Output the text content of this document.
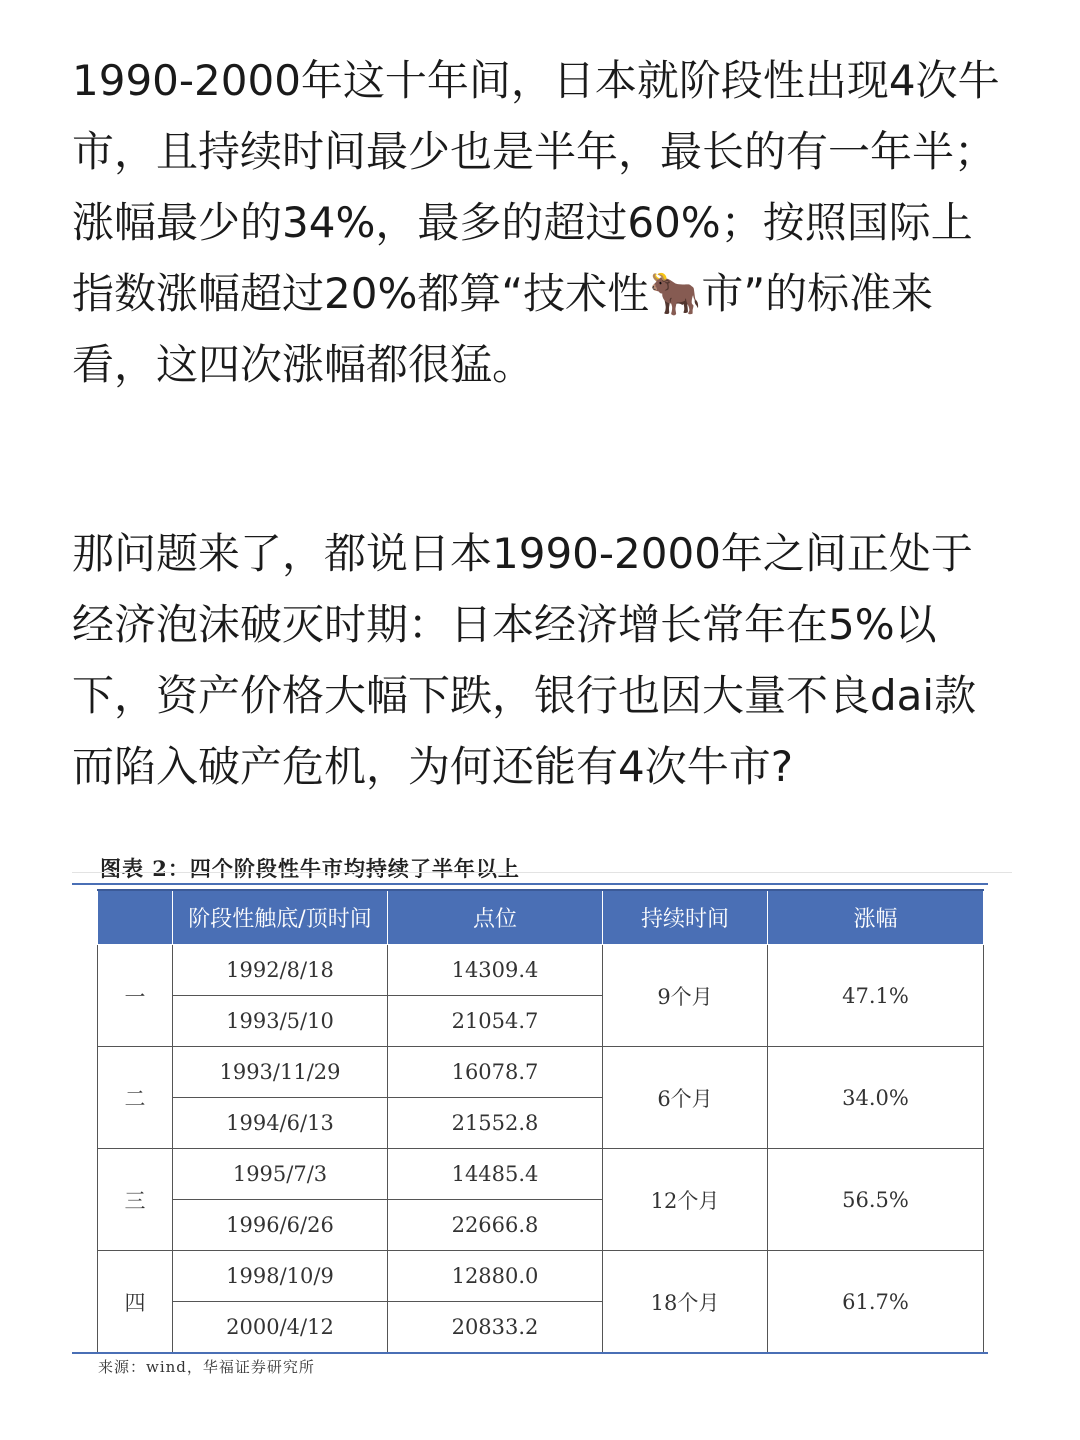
1990-2000年这十年间，日本就阶段性出现4次牛市，且持续时间最少也是半年，最长的有一年半；涨幅最少的34%，最多的超过60%；按照国际上指数涨幅超过20%都算“技术性🐂市”的标准来看，这四次涨幅都很猛。

那问题来了，都说日本1990-2000年之间正处于经济泡沫破灭时期：日本经济增长常年在5%以下，资产价格大幅下跌，银行也因大量不良dai款而陷入破产危机，为何还能有4次牛市?

图表 2：四个阶段性牛市均持续了半年以上
	阶段性触底/顶时间	点位	持续时间	涨幅
一	1992/8/18	14309.4	9个月	47.1%
	1993/5/10	21054.7		
二	1993/11/29	16078.7	6个月	34.0%
	1994/6/13	21552.8		
三	1995/7/3	14485.4	12个月	56.5%
	1996/6/26	22666.8		
四	1998/10/9	12880.0	18个月	61.7%
	2000/4/12	20833.2		
来源：wind，华福证券研究所
